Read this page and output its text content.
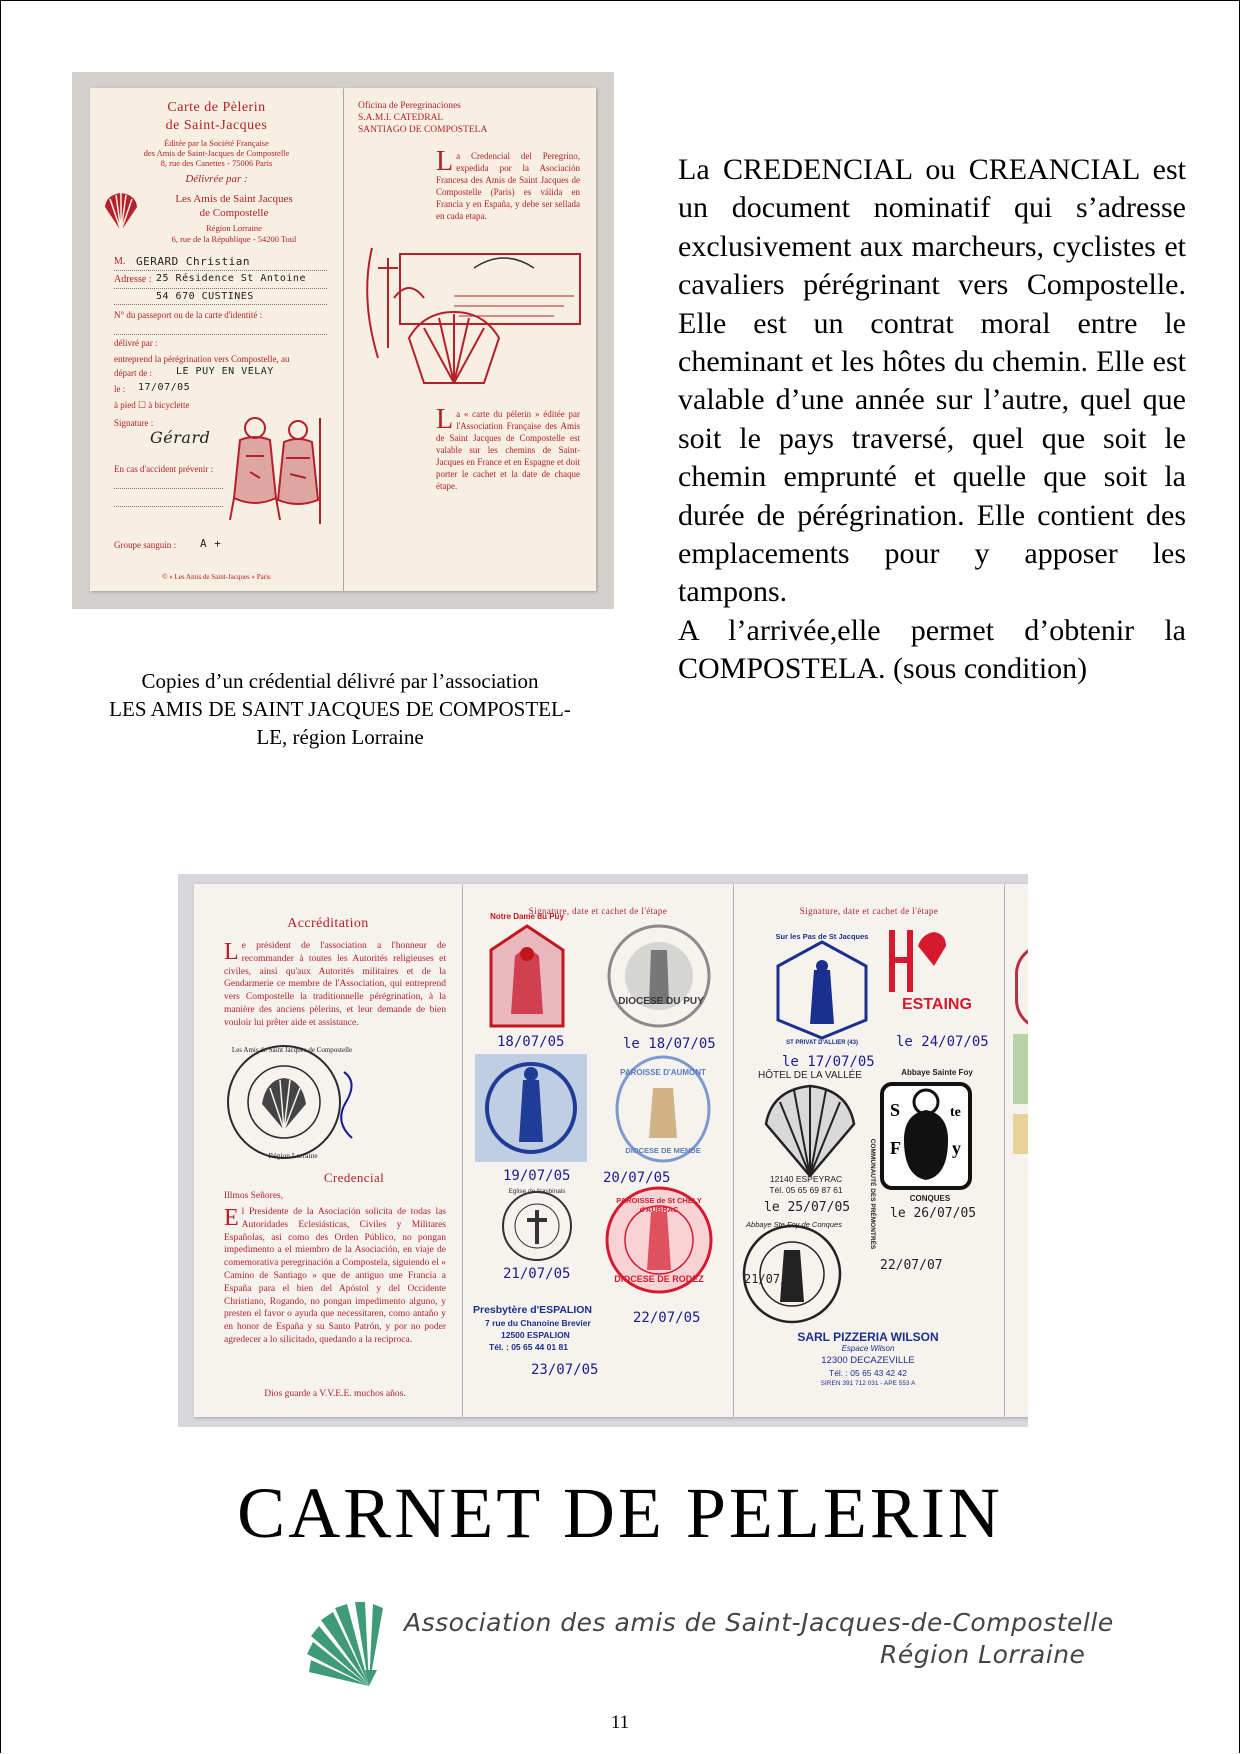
Carte de Pèlerin
de Saint-Jacques
Éditée par la Société Française
des Amis de Saint-Jacques de Compostelle
8, rue des Canettes - 75006 Paris
Délivrée par :
Les Amis de Saint Jacques
de Compostelle
Région Lorraine
6, rue de la République - 54200 Toul
M. GERARD Christian
Adresse : 25 Résidence St Antoine
54 670 CUSTINES
N° du passeport ou de la carte d'identité :
délivré par :
entreprend la pérégrination vers Compostelle, au
départ de : LE PUY EN VELAY
le : 17/07/05
à pied ☐ à bicyclette
Signature :
Gérard
En cas d'accident prévenir :
Groupe sanguin : A +
© « Les Amis de Saint-Jacques » Paris
Oficina de Peregrinaciones
S.A.M.I. CATEDRAL
SANTIAGO DE COMPOSTELA
La Credencial del Peregrino, expedida por la Asociación Francesa des Amis de Saint Jacques de Compostelle (Paris) es válida en Francia y en España, y debe ser sellada en cada etapa.
La « carte du pèlerin » éditée par l'Association Française des Amis de Saint Jacques de Compostelle est valable sur les chemins de Saint-Jacques en France et en Espagne et doit porter le cachet et la date de chaque étape.

La CREDENCIAL ou CREANCIAL est un document nominatif qui s’adresse exclusivement aux marcheurs, cyclistes et cavaliers pérégrinant vers Compostelle. Elle est un contrat moral entre le cheminant et les hôtes du chemin. Elle est valable d’une année sur l’autre, quel que soit le pays traversé, quel que soit le chemin emprunté et quelle que soit la durée de pérégrination. Elle contient des emplacements pour y apposer les tampons.

A l’arrivée,elle permet d’obtenir la COMPOSTELA. (sous condition)

Copies d’un crédential délivré par l’association
LES AMIS DE SAINT JACQUES DE COMPOSTEL-
LE, région Lorraine
Accréditation
Le président de l'association a l'honneur de recommander à toutes les Autorités religieuses et civiles, ainsi qu'aux Autorités militaires et de la Gendarmerie ce membre de l'Association, qui entreprend vers Compostelle la traditionnelle pérégrination, à la manière des anciens pèlerins, et leur demande de bien vouloir lui prêter aide et assistance.
Région Lorraine
Les Amis de Saint Jacques de Compostelle
Credencial
Illmos Señores,
El Presidente de la Asociación solicita de todas las Autoridades Eclesiásticas, Civiles y Militares Españolas, así como des Orden Público, no pongan impedimento a el miembro de la Asociación, en viaje de comemorativa peregrinación a Compostela, siguiendo el « Camino de Santiago » que de antiguo une Francia a España para el bien del Apóstol y del Occidente Christiano, Rogando, no pongan impedimento alguno, y presten el favor o ayuda que necessitaren, como antaño y en honor de España y su Santo Patrón, y por no poder agredecer a lo silicitado, quedando a la reciproca.
Dios guarde a V.V.E.E. muchos años.
Signature, date et cachet de l'étape
Notre Dame du Puy
DIOCESE DU PUY
18/07/05	le 18/07/05
PAROISSE D'AUMONT
DIOCESE DE MENDE
19/07/05 20/07/05
Eglise de Nasbinals
PAROISSE de St CHELY d'AUBRAC
DIOCESE DE RODEZ
21/07/05
Presbytère d'ESPALION
7 rue du Chanoine Brevier
12500 ESPALION
Tél. : 05 65 44 01 81
22/07/05
23/07/05
Signature, date et cachet de l'étape
Sur les Pas de St Jacques
ST PRIVAT D'ALLIER (43)
ESTAING
le 17/07/05
le 24/07/05
HÔTEL DE LA VALLÉE
12140 ESPEYRAC
Tél. 05 65 69 87 61
le 25/07/05
Abbaye Sainte Foy
S	te
F	y
CONQUES
COMMUNAUTÉ DES PRÉMONTRÉS le 26/07/05
Abbaye Ste Foy de Conques
21/07/07
22/07/07
SARL PIZZERIA WILSON
Espace Wilson
12300 DECAZEVILLE
Tél. : 05 65 43 42 42
SIREN 391 712 031 - APE 553 A
CARNET DE PELERIN
Association des amis de Saint-Jacques-de-Compostelle
Région Lorraine
11
